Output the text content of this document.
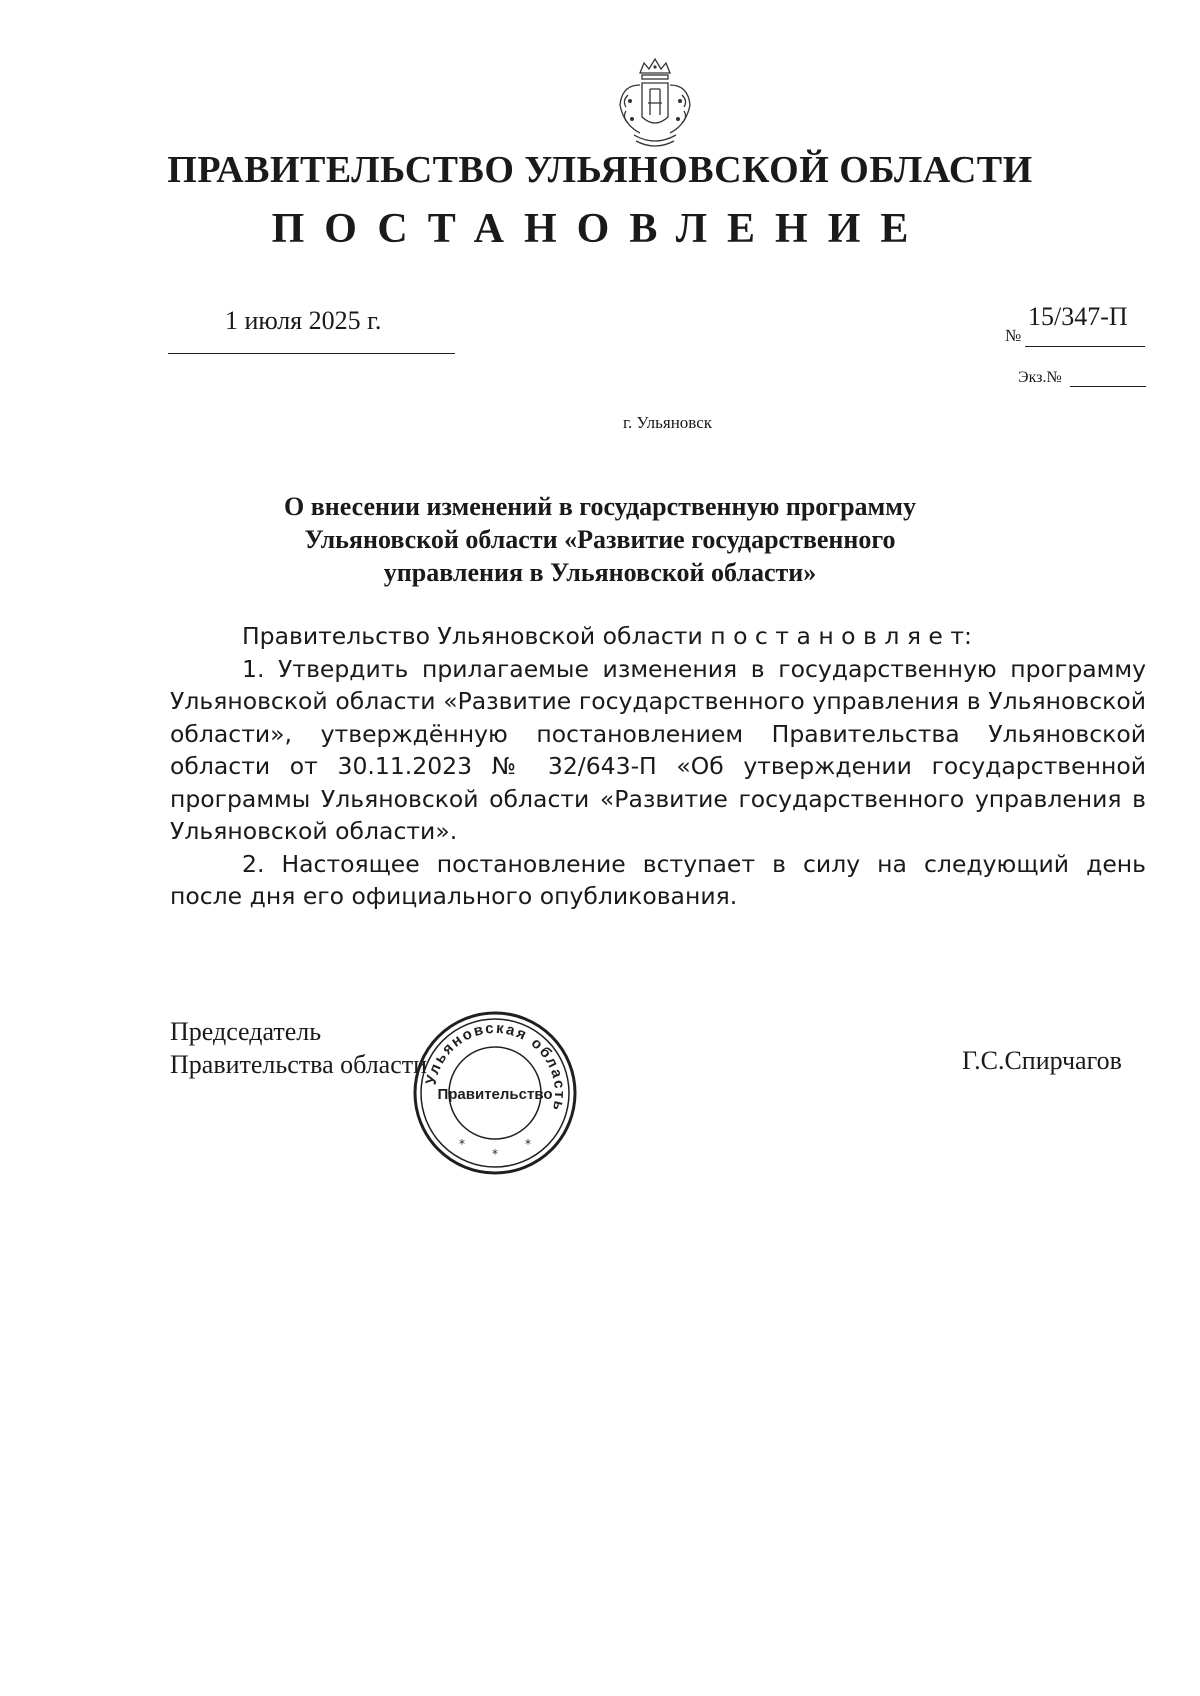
ПРАВИТЕЛЬСТВО УЛЬЯНОВСКОЙ ОБЛАСТИ
ПОСТАНОВЛЕНИЕ
1 июля 2025 г.
№
15/347-П
Экз.№
г. Ульяновск
О внесении изменений в государственную программу
Ульяновской области «Развитие государственного
управления в Ульяновской области»

Правительство Ульяновской области п о с т а н о в л я е т:

1. Утвердить прилагаемые изменения в государственную программу Ульяновской области «Развитие государственного управления в Ульяновской области», утверждённую постановлением Правительства Ульяновской области от 30.11.2023 № 32/643-П «Об утверждении государственной программы Ульяновской области «Развитие государственного управления в Ульяновской области».

2. Настоящее постановление вступает в силу на следующий день после дня его официального опубликования.

Председатель
Правительства области	Г.С.Спирчагов
Ульяновская область
Правительство
*
*
*
